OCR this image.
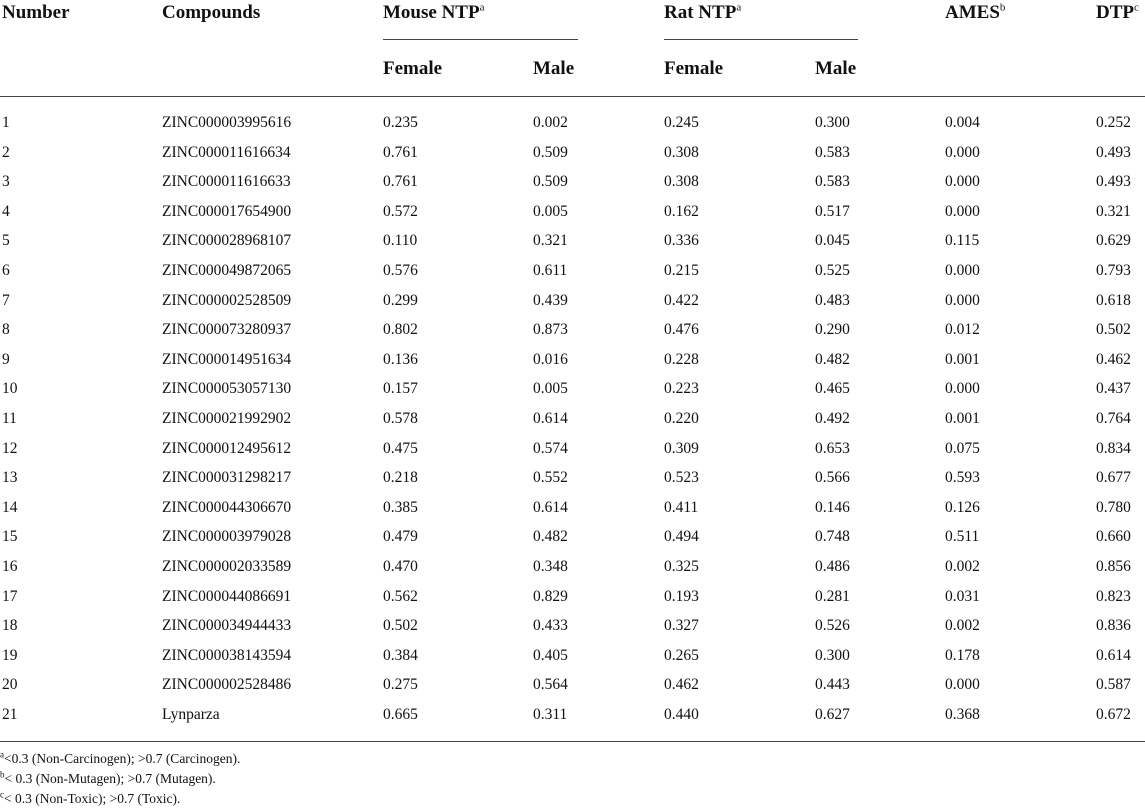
Number	Compounds	Mouse NTP$^a$	Rat NTP$^a$	AMES$^b$	DTP$^c$
Female	Male	Female	Male
1	ZINC000003995616	0.235	0.002	0.245	0.300	0.004	0.252
2	ZINC000011616634	0.761	0.509	0.308	0.583	0.000	0.493
3	ZINC000011616633	0.761	0.509	0.308	0.583	0.000	0.493
4	ZINC000017654900	0.572	0.005	0.162	0.517	0.000	0.321
5	ZINC000028968107	0.110	0.321	0.336	0.045	0.115	0.629
6	ZINC000049872065	0.576	0.611	0.215	0.525	0.000	0.793
7	ZINC000002528509	0.299	0.439	0.422	0.483	0.000	0.618
8	ZINC000073280937	0.802	0.873	0.476	0.290	0.012	0.502
9	ZINC000014951634	0.136	0.016	0.228	0.482	0.001	0.462
10	ZINC000053057130	0.157	0.005	0.223	0.465	0.000	0.437
11	ZINC000021992902	0.578	0.614	0.220	0.492	0.001	0.764
12	ZINC000012495612	0.475	0.574	0.309	0.653	0.075	0.834
13	ZINC000031298217	0.218	0.552	0.523	0.566	0.593	0.677
14	ZINC000044306670	0.385	0.614	0.411	0.146	0.126	0.780
15	ZINC000003979028	0.479	0.482	0.494	0.748	0.511	0.660
16	ZINC000002033589	0.470	0.348	0.325	0.486	0.002	0.856
17	ZINC000044086691	0.562	0.829	0.193	0.281	0.031	0.823
18	ZINC000034944433	0.502	0.433	0.327	0.526	0.002	0.836
19	ZINC000038143594	0.384	0.405	0.265	0.300	0.178	0.614
20	ZINC000002528486	0.275	0.564	0.462	0.443	0.000	0.587
21	Lynparza	0.665	0.311	0.440	0.627	0.368	0.672
$^a$<0.3 (Non-Carcinogen); >0.7 (Carcinogen).
$^b$< 0.3 (Non-Mutagen); >0.7 (Mutagen).
$^c$< 0.3 (Non-Toxic); >0.7 (Toxic).
